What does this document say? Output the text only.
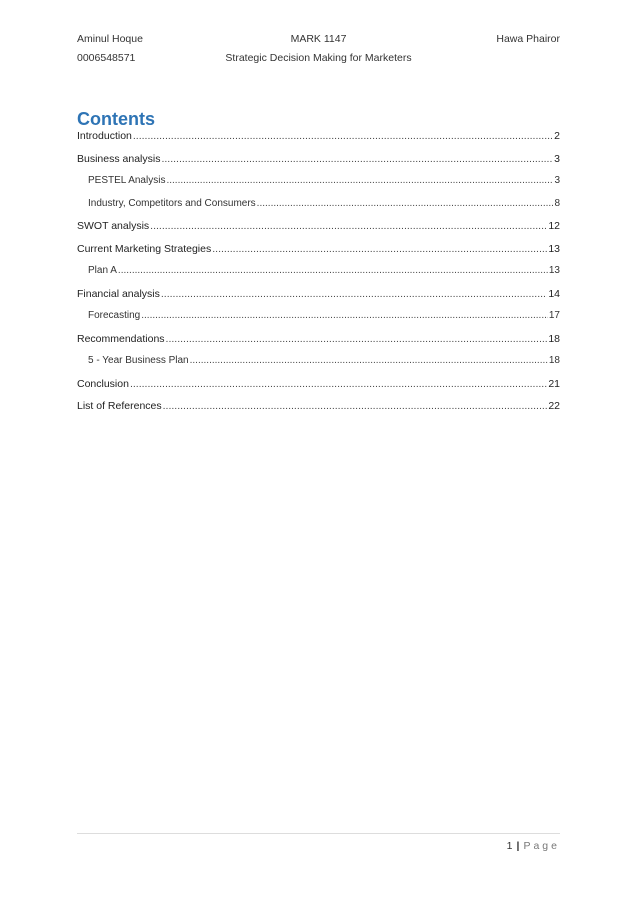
Aminul Hoque	MARK 1147	Hawa Phairor
0006548571	Strategic Decision Making for Marketers
Contents
Introduction .....	2
Business analysis .....	3
PESTEL Analysis .....	3
Industry, Competitors and Consumers .....	8
SWOT analysis .....	12
Current Marketing Strategies .....	13
Plan A .....	13
Financial analysis .....	14
Forecasting .....	17
Recommendations .....	18
5 - Year Business Plan .....	18
Conclusion .....	21
List of References .....	22
1 | Page
